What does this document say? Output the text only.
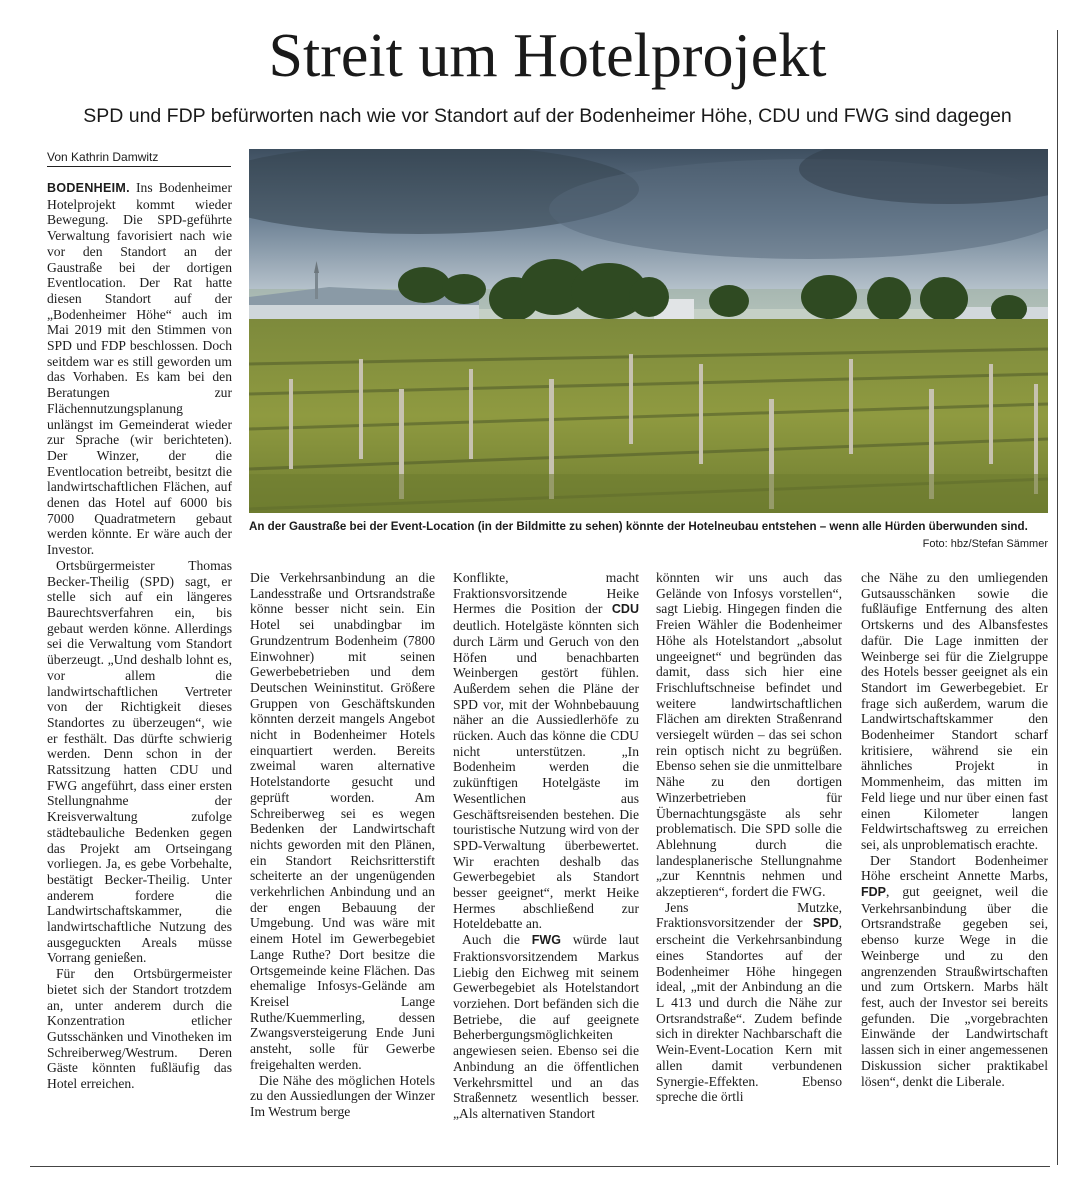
Streit um Hotelprojekt
SPD und FDP befürworten nach wie vor Standort auf der Bodenheimer Höhe, CDU und FWG sind dagegen
Von Kathrin Damwitz

BODENHEIM. Ins Bodenheimer Hotelprojekt kommt wieder Bewegung. Die SPD-geführte Verwaltung favorisiert nach wie vor den Standort an der Gaustraße bei der dortigen Eventlocation. Der Rat hatte diesen Standort auf der „Bodenheimer Höhe“ auch im Mai 2019 mit den Stimmen von SPD und FDP beschlossen. Doch seitdem war es still geworden um das Vorhaben. Es kam bei den Beratungen zur Flächennutzungsplanung unlängst im Gemeinderat wieder zur Sprache (wir berichteten). Der Winzer, der die Eventlocation betreibt, besitzt die landwirtschaftlichen Flächen, auf denen das Hotel auf 6000 bis 7000 Quadratmetern gebaut werden könnte. Er wäre auch der Investor.

Ortsbürgermeister Thomas Becker-Theilig (SPD) sagt, er stelle sich auf ein längeres Baurechtsverfahren ein, bis gebaut werden könne. Allerdings sei die Verwaltung vom Standort überzeugt. „Und deshalb lohnt es, vor allem die landwirtschaftlichen Vertreter von der Richtigkeit dieses Standortes zu überzeugen“, wie er festhält. Das dürfte schwierig werden. Denn schon in der Ratssitzung hatten CDU und FWG angeführt, dass einer ersten Stellungnahme der Kreisverwaltung zufolge städtebauliche Bedenken gegen das Projekt am Ortseingang vorliegen. Ja, es gebe Vorbehalte, bestätigt Becker-Theilig. Unter anderem fordere die Landwirtschaftskammer, die landwirtschaftliche Nutzung des ausgeguckten Areals müsse Vorrang genießen.

Für den Ortsbürgermeister bietet sich der Standort trotzdem an, unter anderem durch die Konzentration etlicher Gutsschänken und Vinotheken im Schreiberweg/Westrum. Deren Gäste könnten fußläufig das Hotel erreichen.

An der Gaustraße bei der Event-Location (in der Bildmitte zu sehen) könnte der Hotelneubau entstehen – wenn alle Hürden überwunden sind.
Foto: hbz/Stefan Sämmer

Die Verkehrsanbindung an die Landesstraße und Ortsrandstraße könne besser nicht sein. Ein Hotel sei unabdingbar im Grundzentrum Bodenheim (7800 Einwohner) mit seinen Gewerbebetrieben und dem Deutschen Weininstitut. Größere Gruppen von Geschäftskunden könnten derzeit mangels Angebot nicht in Bodenheimer Hotels einquartiert werden. Bereits zweimal waren alternative Hotelstandorte gesucht und geprüft worden. Am Schreiberweg sei es wegen Bedenken der Landwirtschaft nichts geworden mit den Plänen, ein Standort Reichsritterstift scheiterte an der ungenügenden verkehrlichen Anbindung und an der engen Bebauung der Umgebung. Und was wäre mit einem Hotel im Gewerbegebiet Lange Ruthe? Dort besitze die Ortsgemeinde keine Flächen. Das ehemalige Infosys-Gelände am Kreisel Lange Ruthe/Kuemmerling, dessen Zwangsversteigerung Ende Juni ansteht, solle für Gewerbe freigehalten werden.

Die Nähe des möglichen Hotels zu den Aussiedlungen der Winzer Im Westrum berge

Konflikte, macht Fraktionsvorsitzende Heike Hermes die Position der CDU deutlich. Hotelgäste könnten sich durch Lärm und Geruch von den Höfen und benachbarten Weinbergen gestört fühlen. Außerdem sehen die Pläne der SPD vor, mit der Wohnbebauung näher an die Aussiedlerhöfe zu rücken. Auch das könne die CDU nicht unterstützen. „In Bodenheim werden die zukünftigen Hotelgäste im Wesentlichen aus Geschäftsreisenden bestehen. Die touristische Nutzung wird von der SPD-Verwaltung überbewertet. Wir erachten deshalb das Gewerbegebiet als Standort besser geeignet“, merkt Heike Hermes abschließend zur Hoteldebatte an.

Auch die FWG würde laut Fraktionsvorsitzendem Markus Liebig den Eichweg mit seinem Gewerbegebiet als Hotelstandort vorziehen. Dort befänden sich die Betriebe, die auf geeignete Beherbergungsmöglichkeiten angewiesen seien. Ebenso sei die Anbindung an die öffentlichen Verkehrsmittel und an das Straßennetz wesentlich besser. „Als alternativen Standort

könnten wir uns auch das Gelände von Infosys vorstellen“, sagt Liebig. Hingegen finden die Freien Wähler die Bodenheimer Höhe als Hotelstandort „absolut ungeeignet“ und begründen das damit, dass sich hier eine Frischluftschneise befindet und weitere landwirtschaftlichen Flächen am direkten Straßenrand versiegelt würden – das sei schon rein optisch nicht zu begrüßen. Ebenso sehen sie die unmittelbare Nähe zu den dortigen Winzerbetrieben für Übernachtungsgäste als sehr problematisch. Die SPD solle die Ablehnung durch die landesplanerische Stellungnahme „zur Kenntnis nehmen und akzeptieren“, fordert die FWG.

Jens Mutzke, Fraktionsvorsitzender der SPD, erscheint die Verkehrsanbindung eines Standortes auf der Bodenheimer Höhe hingegen ideal, „mit der Anbindung an die L 413 und durch die Nähe zur Ortsrandstraße“. Zudem befinde sich in direkter Nachbarschaft die Wein-Event-Location Kern mit allen damit verbundenen Synergie-Effekten. Ebenso spreche die örtli

che Nähe zu den umliegenden Gutsausschänken sowie die fußläufige Entfernung des alten Ortskerns und des Albansfestes dafür. Die Lage inmitten der Weinberge sei für die Zielgruppe des Hotels besser geeignet als ein Standort im Gewerbegebiet. Er frage sich außerdem, warum die Landwirtschaftskammer den Bodenheimer Standort scharf kritisiere, während sie ein ähnliches Projekt in Mommenheim, das mitten im Feld liege und nur über einen fast einen Kilometer langen Feldwirtschaftsweg zu erreichen sei, als unproblematisch erachte.

Der Standort Bodenheimer Höhe erscheint Annette Marbs, FDP, gut geeignet, weil die Verkehrsanbindung über die Ortsrandstraße gegeben sei, ebenso kurze Wege in die Weinberge und zu den angrenzenden Straußwirtschaften und zum Ortskern. Marbs hält fest, auch der Investor sei bereits gefunden. Die „vorgebrachten Einwände der Landwirtschaft lassen sich in einer angemessenen Diskussion sicher praktikabel lösen“, denkt die Liberale.
